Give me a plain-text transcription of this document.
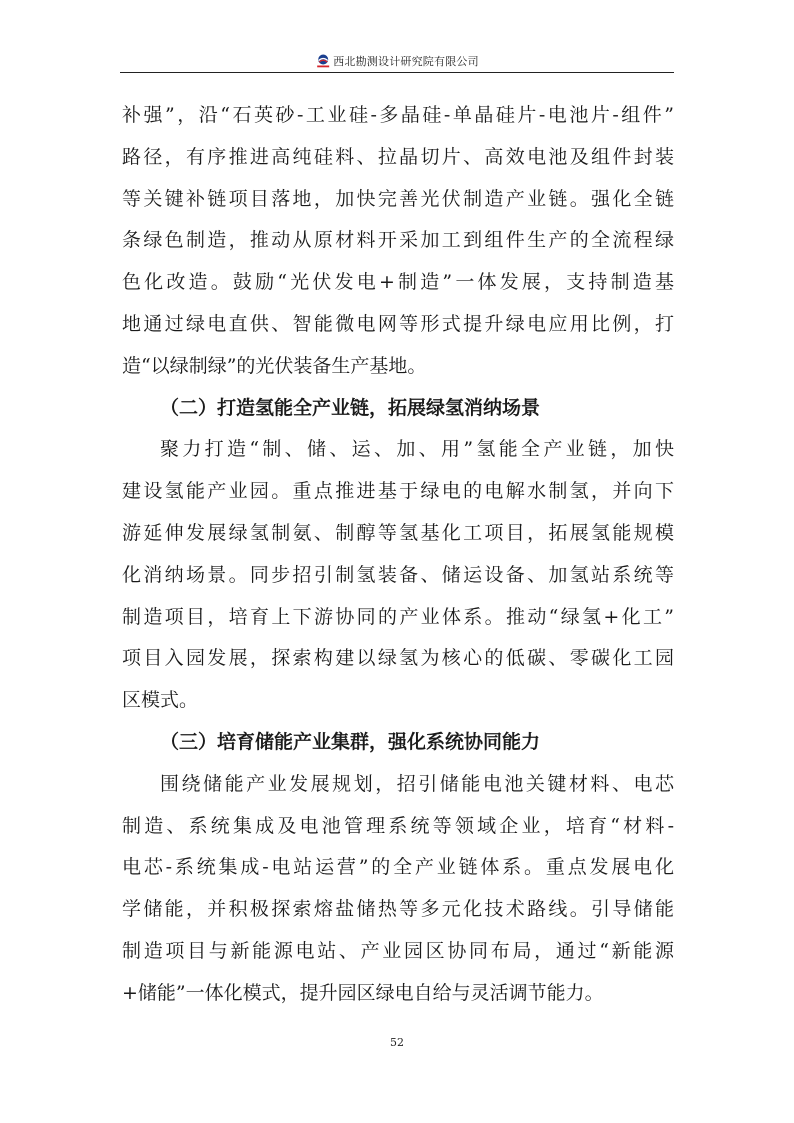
西北勘测设计研究院有限公司
补强”，沿“石英砂-工业硅-多晶硅-单晶硅片-电池片-组件”
路径，有序推进高纯硅料、拉晶切片、高效电池及组件封装
等关键补链项目落地，加快完善光伏制造产业链。强化全链
条绿色制造，推动从原材料开采加工到组件生产的全流程绿
色化改造。鼓励“光伏发电+制造”一体发展，支持制造基
地通过绿电直供、智能微电网等形式提升绿电应用比例，打
造“以绿制绿”的光伏装备生产基地。
（二）打造氢能全产业链，拓展绿氢消纳场景
聚力打造“制、储、运、加、用”氢能全产业链，加快
建设氢能产业园。重点推进基于绿电的电解水制氢，并向下
游延伸发展绿氢制氨、制醇等氢基化工项目，拓展氢能规模
化消纳场景。同步招引制氢装备、储运设备、加氢站系统等
制造项目，培育上下游协同的产业体系。推动“绿氢+化工”
项目入园发展，探索构建以绿氢为核心的低碳、零碳化工园
区模式。
（三）培育储能产业集群，强化系统协同能力
围绕储能产业发展规划，招引储能电池关键材料、电芯
制造、系统集成及电池管理系统等领域企业，培育“材料-
电芯-系统集成-电站运营”的全产业链体系。重点发展电化
学储能，并积极探索熔盐储热等多元化技术路线。引导储能
制造项目与新能源电站、产业园区协同布局，通过“新能源
+储能”一体化模式，提升园区绿电自给与灵活调节能力。
52
